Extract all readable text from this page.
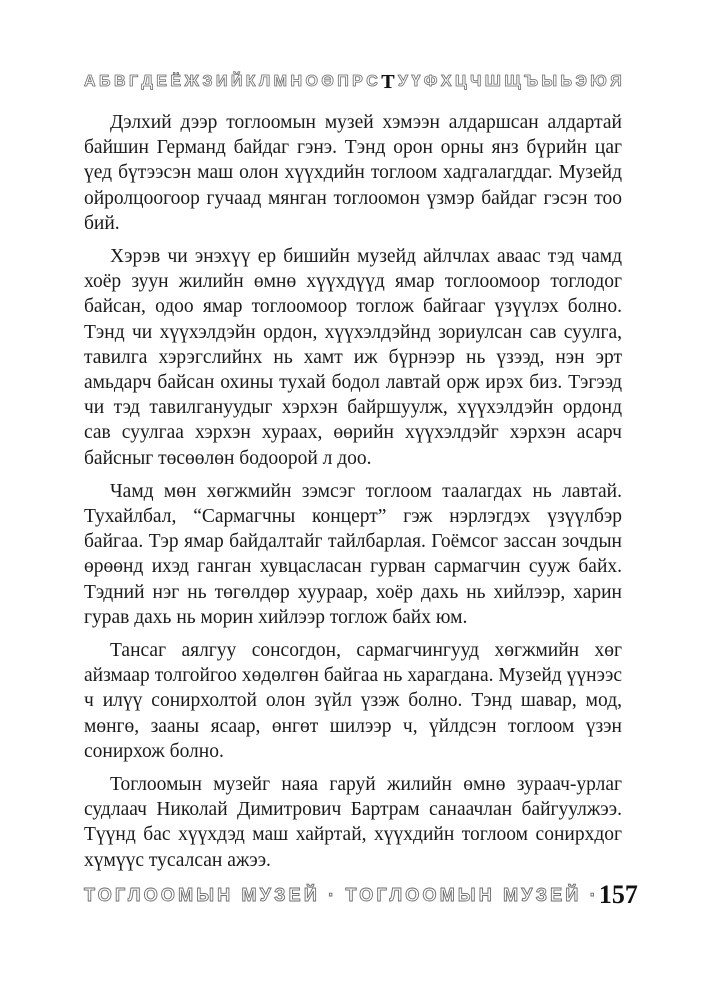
А Б В Г Д Е Ё Ж З И Й К Л М Н О Ө П Р С Т У Ү Ф Х Ц Ч Ш Щ Ъ Ы Ь Э Ю Я

Дэлхий дээр тоглоомын музей хэмээн алдаршсан алдартай байшин Германд байдаг гэнэ. Тэнд орон орны янз бүрийн цаг үед бүтээсэн маш олон хүүхдийн тоглоом хадгалагддаг. Музейд ойролцоогоор гучаад мянган тоглоомон үзмэр байдаг гэсэн тоо бий.

Хэрэв чи энэхүү ер бишийн музейд айлчлах аваас тэд чамд хоёр зуун жилийн өмнө хүүхдүүд ямар тоглоомоор тоглодог байсан, одоо ямар тоглоомоор тоглож байгааг үзүүлэх болно. Тэнд чи хүүхэлдэйн ордон, хүүхэлдэйнд зориулсан сав суулга, тавилга хэрэгслийнх нь хамт иж бүрнээр нь үзээд, нэн эрт амьдарч байсан охины тухай бодол лавтай орж ирэх биз. Тэгээд чи тэд тавилгануудыг хэрхэн байршуулж, хүүхэлдэйн ордонд сав суулгаа хэрхэн хураах, өөрийн хүүхэлдэйг хэрхэн асарч байсныг төсөөлөн бодоорой л доо.

Чамд мөн хөгжмийн зэмсэг тоглоом таалагдах нь лавтай. Тухайлбал, “Сармагчны концерт” гэж нэрлэгдэх үзүүлбэр байгаа. Тэр ямар байдалтайг тайлбарлая. Гоёмсог зассан зочдын өрөөнд ихэд ганган хувцасласан гурван сармагчин сууж байх. Тэдний нэг нь төгөлдөр хуураар, хоёр дахь нь хийлээр, харин гурав дахь нь морин хийлээр тоглож байх юм.

Тансаг аялгуу сонсогдон, сармагчингууд хөгжмийн хөг айзмаар толгойгоо хөдөлгөн байгаа нь харагдана. Музейд үүнээс ч илүү сонирхолтой олон зүйл үзэж болно. Тэнд шавар, мод, мөнгө, зааны ясаар, өнгөт шилээр ч, үйлдсэн тоглоом үзэн сонирхож болно.

Тоглоомын музейг наяа гаруй жилийн өмнө зураач-урлаг судлаач Николай Димитрович Бартрам санаачлан байгуулжээ. Түүнд бас хүүхдэд маш хайртай, хүүхдийн тоглоом сонирхдог хүмүүс тусалсан ажээ.

ТОГЛООМЫН МУЗЕЙ · ТОГЛООМЫН МУЗЕЙ · 157
